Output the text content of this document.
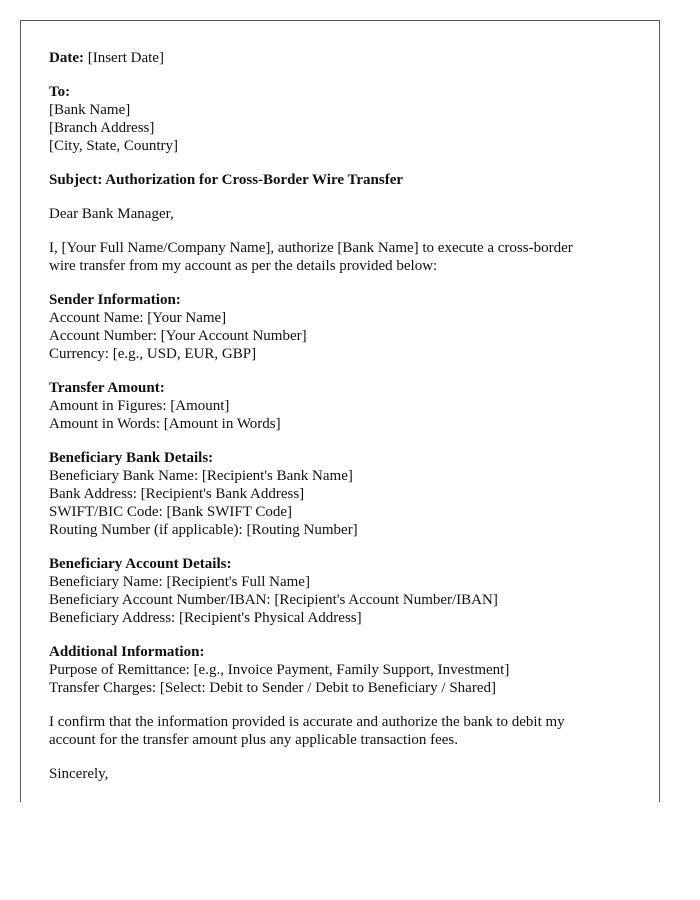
Date: [Insert Date]
To:
[Bank Name]
[Branch Address]
[City, State, Country]
Subject: Authorization for Cross-Border Wire Transfer
Dear Bank Manager,
I, [Your Full Name/Company Name], authorize [Bank Name] to execute a cross-border
wire transfer from my account as per the details provided below:
Sender Information:
Account Name: [Your Name]
Account Number: [Your Account Number]
Currency: [e.g., USD, EUR, GBP]
Transfer Amount:
Amount in Figures: [Amount]
Amount in Words: [Amount in Words]
Beneficiary Bank Details:
Beneficiary Bank Name: [Recipient's Bank Name]
Bank Address: [Recipient's Bank Address]
SWIFT/BIC Code: [Bank SWIFT Code]
Routing Number (if applicable): [Routing Number]
Beneficiary Account Details:
Beneficiary Name: [Recipient's Full Name]
Beneficiary Account Number/IBAN: [Recipient's Account Number/IBAN]
Beneficiary Address: [Recipient's Physical Address]
Additional Information:
Purpose of Remittance: [e.g., Invoice Payment, Family Support, Investment]
Transfer Charges: [Select: Debit to Sender / Debit to Beneficiary / Shared]
I confirm that the information provided is accurate and authorize the bank to debit my
account for the transfer amount plus any applicable transaction fees.
Sincerely,
